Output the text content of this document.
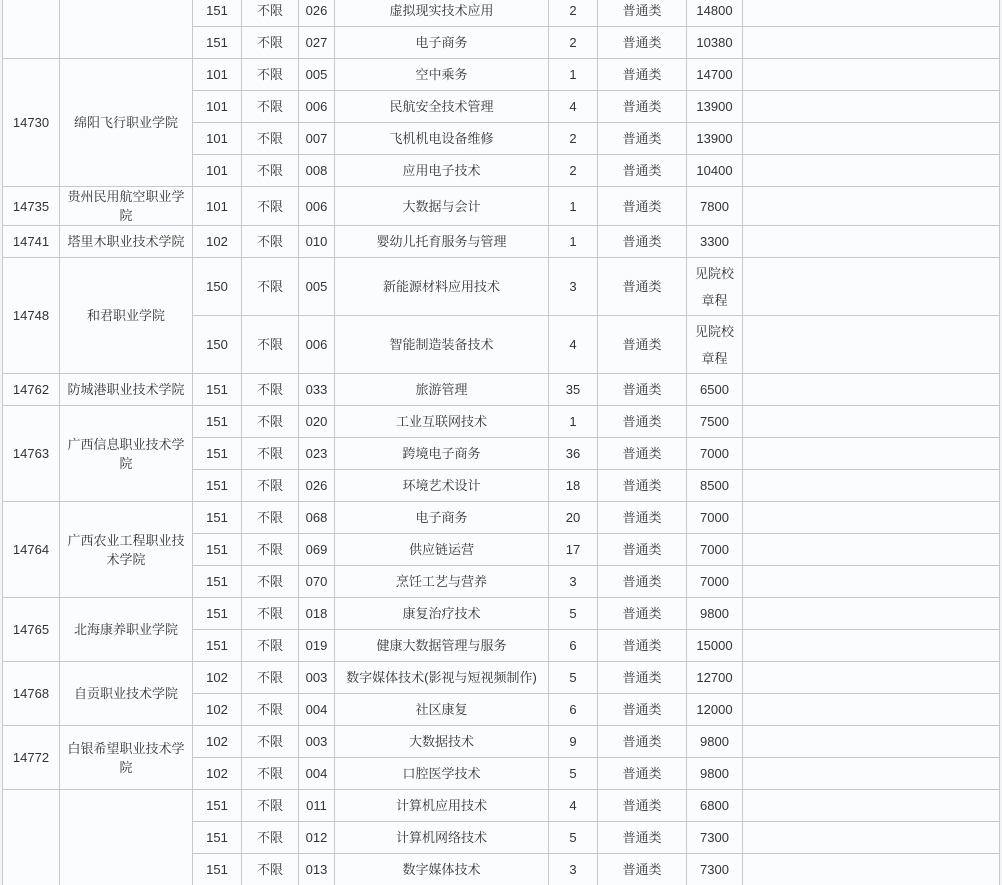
		151	不限	026	虚拟现实技术应用	2	普通类	14800	
		151	不限	027	电子商务	2	普通类	10380	
14730	绵阳飞行职业学院	101	不限	005	空中乘务	1	普通类	14700	
		101	不限	006	民航安全技术管理	4	普通类	13900	
		101	不限	007	飞机机电设备维修	2	普通类	13900	
		101	不限	008	应用电子技术	2	普通类	10400	
14735	贵州民用航空职业学院	101	不限	006	大数据与会计	1	普通类	7800	
14741	塔里木职业技术学院	102	不限	010	婴幼儿托育服务与管理	1	普通类	3300	
14748	和君职业学院	150	不限	005	新能源材料应用技术	3	普通类	见院校章程	
		150	不限	006	智能制造装备技术	4	普通类	见院校章程	
14762	防城港职业技术学院	151	不限	033	旅游管理	35	普通类	6500	
14763	广西信息职业技术学院	151	不限	020	工业互联网技术	1	普通类	7500	
		151	不限	023	跨境电子商务	36	普通类	7000	
		151	不限	026	环境艺术设计	18	普通类	8500	
14764	广西农业工程职业技术学院	151	不限	068	电子商务	20	普通类	7000	
		151	不限	069	供应链运营	17	普通类	7000	
		151	不限	070	烹饪工艺与营养	3	普通类	7000	
14765	北海康养职业学院	151	不限	018	康复治疗技术	5	普通类	9800	
		151	不限	019	健康大数据管理与服务	6	普通类	15000	
14768	自贡职业技术学院	102	不限	003	数字媒体技术(影视与短视频制作)	5	普通类	12700	
		102	不限	004	社区康复	6	普通类	12000	
14772	白银希望职业技术学院	102	不限	003	大数据技术	9	普通类	9800	
		102	不限	004	口腔医学技术	5	普通类	9800	
		151	不限	011	计算机应用技术	4	普通类	6800	
		151	不限	012	计算机网络技术	5	普通类	7300	
		151	不限	013	数字媒体技术	3	普通类	7300	
